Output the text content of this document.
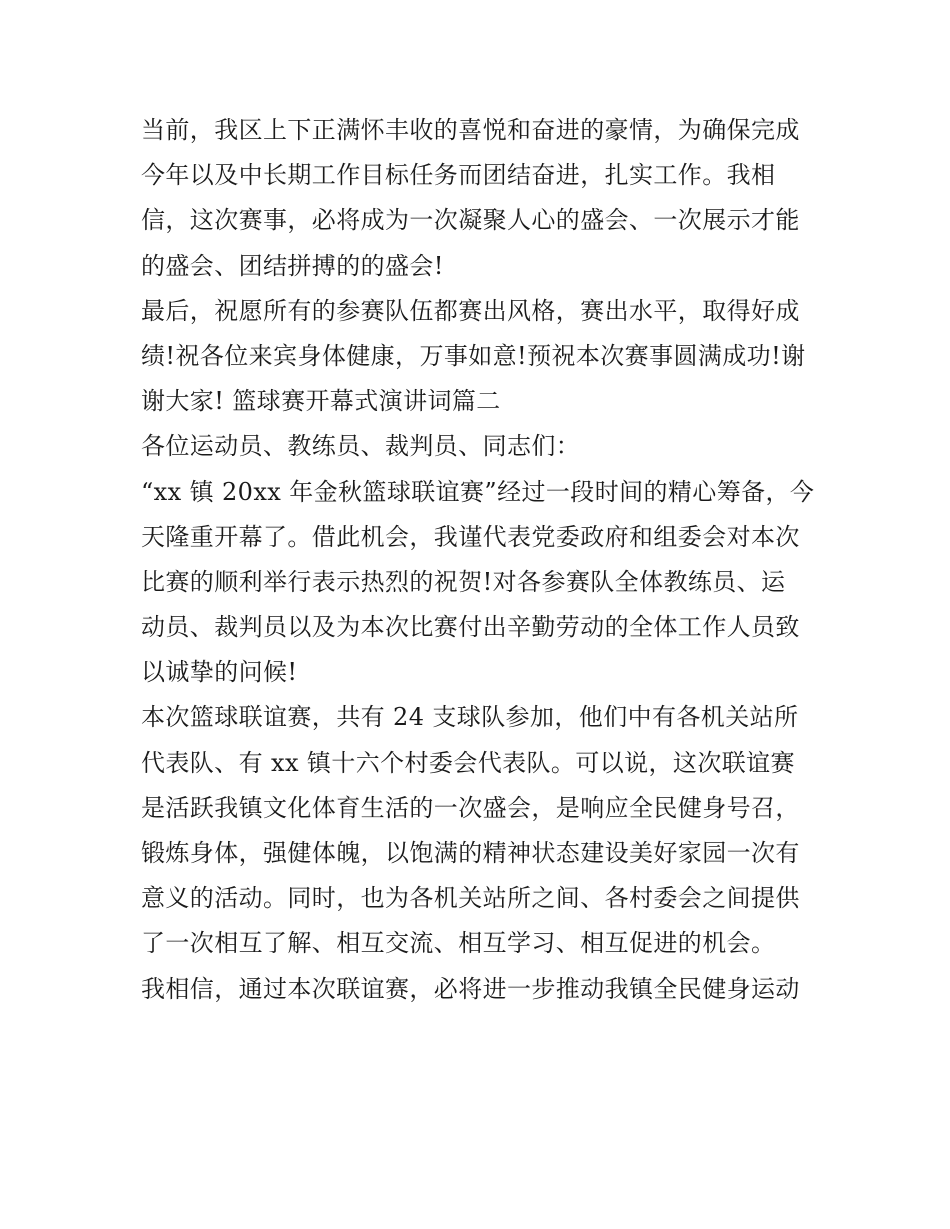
当前，我区上下正满怀丰收的喜悦和奋进的豪情，为确保完成
今年以及中长期工作目标任务而团结奋进，扎实工作。我相
信，这次赛事，必将成为一次凝聚人心的盛会、一次展示才能
的盛会、团结拼搏的的盛会!
最后，祝愿所有的参赛队伍都赛出风格，赛出水平，取得好成
绩!祝各位来宾身体健康，万事如意!预祝本次赛事圆满成功!谢
谢大家! 篮球赛开幕式演讲词篇二
各位运动员、教练员、裁判员、同志们：
“xx 镇 20xx 年金秋篮球联谊赛”经过一段时间的精心筹备，今
天隆重开幕了。借此机会，我谨代表党委政府和组委会对本次
比赛的顺利举行表示热烈的祝贺!对各参赛队全体教练员、运
动员、裁判员以及为本次比赛付出辛勤劳动的全体工作人员致
以诚挚的问候!
本次篮球联谊赛，共有 24 支球队参加，他们中有各机关站所
代表队、有 xx 镇十六个村委会代表队。可以说，这次联谊赛
是活跃我镇文化体育生活的一次盛会，是响应全民健身号召，
锻炼身体，强健体魄，以饱满的精神状态建设美好家园一次有
意义的活动。同时，也为各机关站所之间、各村委会之间提供
了一次相互了解、相互交流、相互学习、相互促进的机会。
我相信，通过本次联谊赛，必将进一步推动我镇全民健身运动
